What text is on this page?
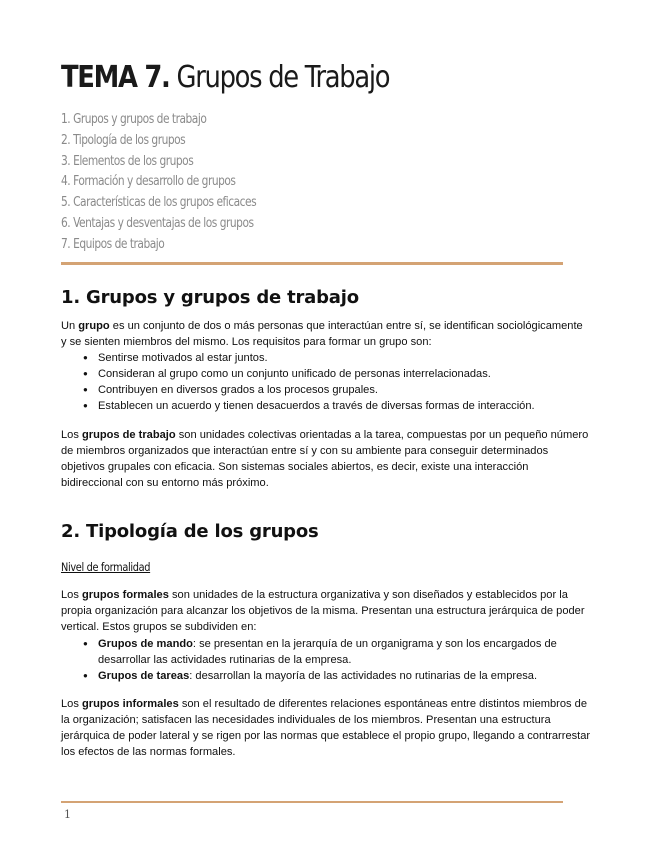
TEMA 7. Grupos de Trabajo
1. Grupos y grupos de trabajo
2. Tipología de los grupos
3. Elementos de los grupos
4. Formación y desarrollo de grupos
5. Características de los grupos eficaces
6. Ventajas y desventajas de los grupos
7. Equipos de trabajo
1. Grupos y grupos de trabajo

Un grupo es un conjunto de dos o más personas que interactúan entre sí, se identifican sociológicamente y se sienten miembros del mismo. Los requisitos para formar un grupo son:

● Sentirse motivados al estar juntos.
● Consideran al grupo como un conjunto unificado de personas interrelacionadas.
● Contribuyen en diversos grados a los procesos grupales.
● Establecen un acuerdo y tienen desacuerdos a través de diversas formas de interacción.

Los grupos de trabajo son unidades colectivas orientadas a la tarea, compuestas por un pequeño número de miembros organizados que interactúan entre sí y con su ambiente para conseguir determinados objetivos grupales con eficacia. Son sistemas sociales abiertos, es decir, existe una interacción bidireccional con su entorno más próximo.

2. Tipología de los grupos
Nivel de formalidad

Los grupos formales son unidades de la estructura organizativa y son diseñados y establecidos por la propia organización para alcanzar los objetivos de la misma. Presentan una estructura jerárquica de poder vertical. Estos grupos se subdividen en:

● Grupos de mando: se presentan en la jerarquía de un organigrama y son los encargados de desarrollar las actividades rutinarias de la empresa.
● Grupos de tareas: desarrollan la mayoría de las actividades no rutinarias de la empresa.

Los grupos informales son el resultado de diferentes relaciones espontáneas entre distintos miembros de la organización; satisfacen las necesidades individuales de los miembros. Presentan una estructura jerárquica de poder lateral y se rigen por las normas que establece el propio grupo, llegando a contrarrestar los efectos de las normas formales.

1
